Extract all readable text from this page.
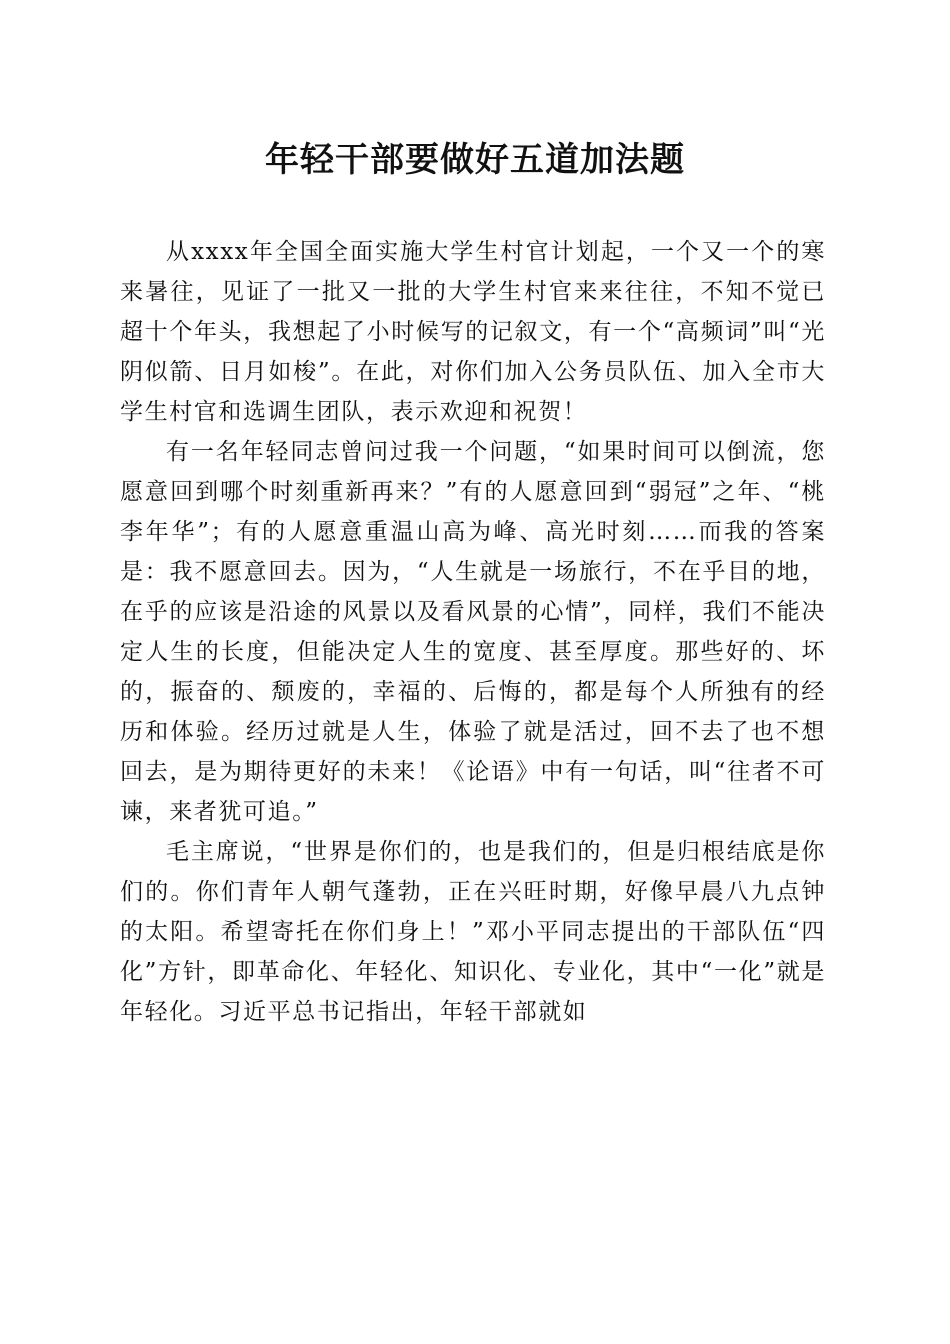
年轻干部要做好五道加法题

从xxxx年全国全面实施大学生村官计划起，一个又一个的寒来暑往，见证了一批又一批的大学生村官来来往往，不知不觉已超十个年头，我想起了小时候写的记叙文，有一个“高频词”叫“光阴似箭、日月如梭”。在此，对你们加入公务员队伍、加入全市大学生村官和选调生团队，表示欢迎和祝贺！

有一名年轻同志曾问过我一个问题，“如果时间可以倒流，您愿意回到哪个时刻重新再来？”有的人愿意回到“弱冠”之年、“桃李年华”；有的人愿意重温山高为峰、高光时刻……而我的答案是：我不愿意回去。因为，“人生就是一场旅行，不在乎目的地，在乎的应该是沿途的风景以及看风景的心情”，同样，我们不能决定人生的长度，但能决定人生的宽度、甚至厚度。那些好的、坏的，振奋的、颓废的，幸福的、后悔的，都是每个人所独有的经历和体验。经历过就是人生，体验了就是活过，回不去了也不想回去，是为期待更好的未来！《论语》中有一句话，叫“往者不可谏，来者犹可追。”

毛主席说，“世界是你们的，也是我们的，但是归根结底是你们的。你们青年人朝气蓬勃，正在兴旺时期，好像早晨八九点钟的太阳。希望寄托在你们身上！”邓小平同志提出的干部队伍“四化”方针，即革命化、年轻化、知识化、专业化，其中“一化”就是年轻化。习近平总书记指出，年轻干部就如
